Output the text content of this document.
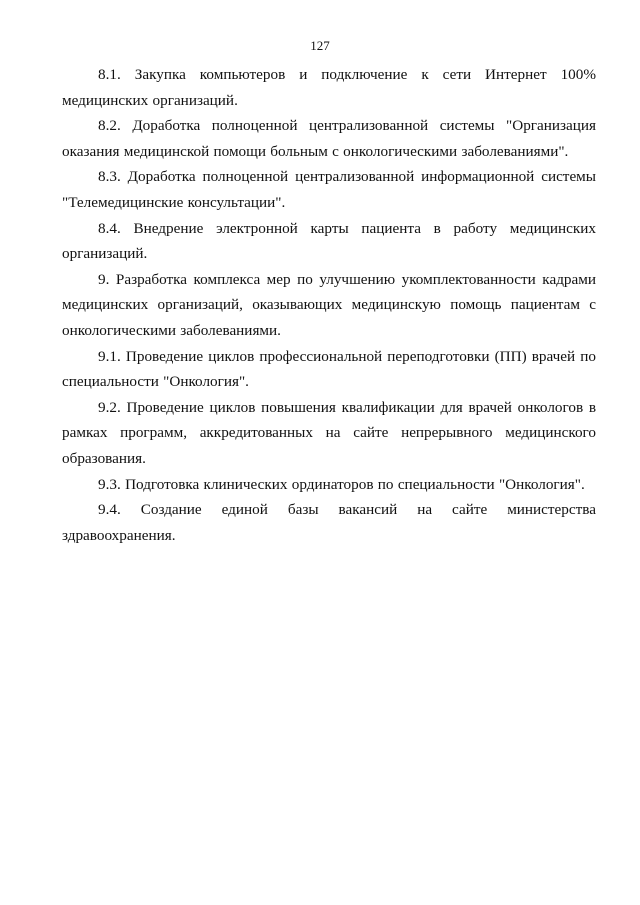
127

8.1. Закупка компьютеров и подключение к сети Интернет 100% медицинских организаций.

8.2. Доработка полноценной централизованной системы "Организация оказания медицинской помощи больным с онкологическими заболеваниями".

8.3. Доработка полноценной централизованной информационной системы "Телемедицинские консультации".

8.4. Внедрение электронной карты пациента в работу медицинских организаций.

9. Разработка комплекса мер по улучшению укомплектованности кадрами медицинских организаций, оказывающих медицинскую помощь пациентам с онкологическими заболеваниями.

9.1. Проведение циклов профессиональной переподготовки (ПП) врачей по специальности "Онкология".

9.2. Проведение циклов повышения квалификации для врачей онкологов в рамках программ, аккредитованных на сайте непрерывного медицинского образования.

9.3. Подготовка клинических ординаторов по специальности "Онкология".

9.4. Создание единой базы вакансий на сайте министерства здравоохранения.
